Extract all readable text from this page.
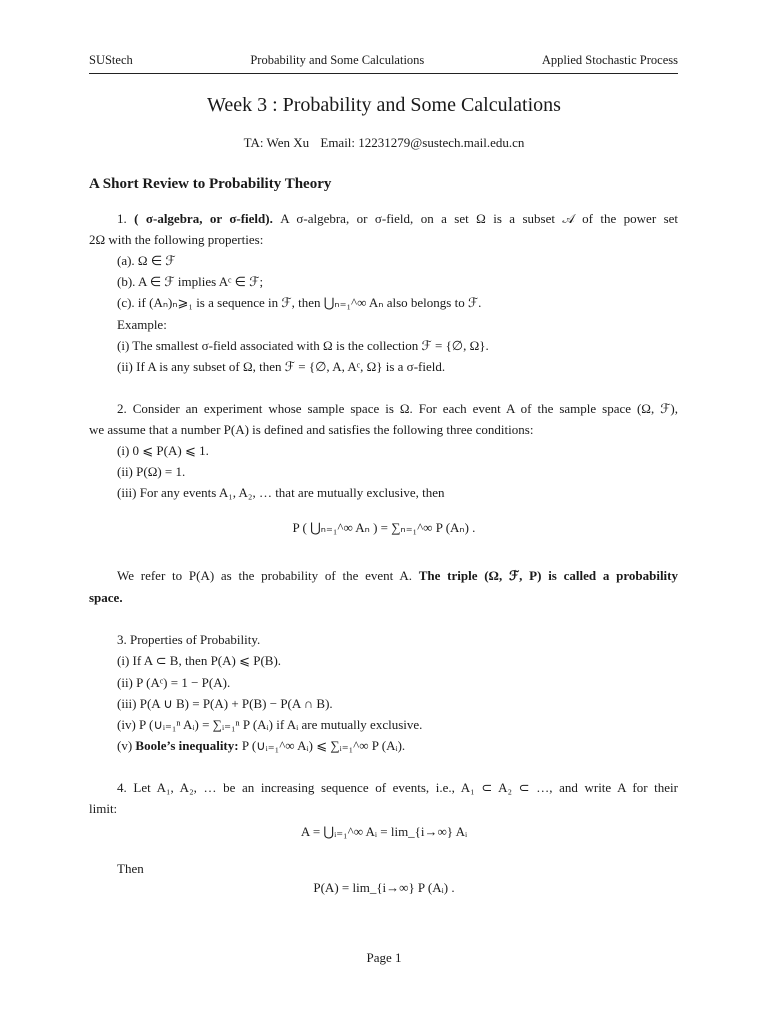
SUStech	Probability and Some Calculations	Applied Stochastic Process
Week 3 : Probability and Some Calculations
TA: Wen Xu Email: 12231279@sustech.mail.edu.cn
A Short Review to Probability Theory
1. ( σ-algebra, or σ-field). A σ-algebra, or σ-field, on a set Ω is a subset 𝒜 of the power set
2Ω with the following properties:
(a). Ω ∈ ℱ
(b). A ∈ ℱ implies Aᶜ ∈ ℱ;
(c). if (Aₙ)ₙ⩾₁ is a sequence in ℱ, then ⋃ₙ₌₁^∞ Aₙ also belongs to ℱ.
Example:
(i) The smallest σ-field associated with Ω is the collection ℱ = {∅, Ω}.
(ii) If A is any subset of Ω, then ℱ = {∅, A, Aᶜ, Ω} is a σ-field.
2. Consider an experiment whose sample space is Ω. For each event A of the sample space (Ω, ℱ),
we assume that a number P(A) is defined and satisfies the following three conditions:
(i) 0 ⩽ P(A) ⩽ 1.
(ii) P(Ω) = 1.
(iii) For any events A₁, A₂, … that are mutually exclusive, then
P ( ⋃ₙ₌₁^∞ Aₙ ) = ∑ₙ₌₁^∞ P (Aₙ) .
We refer to P(A) as the probability of the event A. The triple (Ω, ℱ, P) is called a probability
space.
3. Properties of Probability.
(i) If A ⊂ B, then P(A) ⩽ P(B).
(ii) P (Aᶜ) = 1 − P(A).
(iii) P(A ∪ B) = P(A) + P(B) − P(A ∩ B).
(iv) P (∪ᵢ₌₁ⁿ Aᵢ) = ∑ᵢ₌₁ⁿ P (Aᵢ) if Aᵢ are mutually exclusive.
(v) Boole’s inequality: P (∪ᵢ₌₁^∞ Aᵢ) ⩽ ∑ᵢ₌₁^∞ P (Aᵢ).
4. Let A₁, A₂, … be an increasing sequence of events, i.e., A₁ ⊂ A₂ ⊂ …, and write A for their
limit:
A = ⋃ᵢ₌₁^∞ Aᵢ = lim_{i→∞} Aᵢ
Then
P(A) = lim_{i→∞} P (Aᵢ) .
Page 1
